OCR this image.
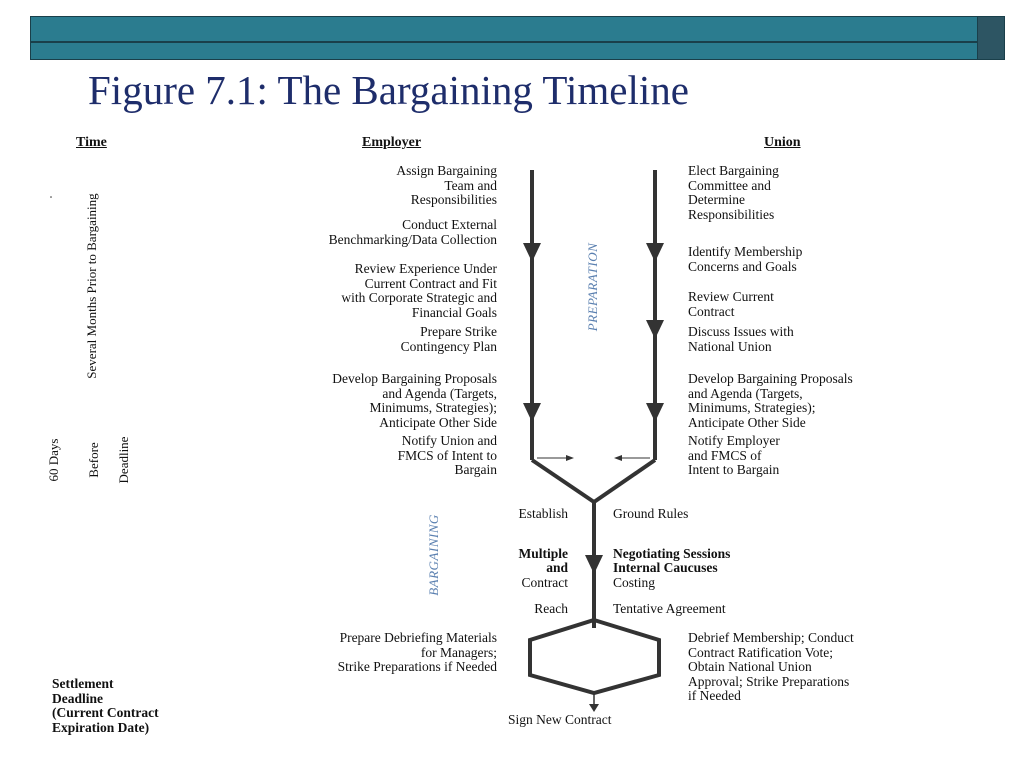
Figure 7.1: The Bargaining Timeline
Time	Employer	Union
Several Months Prior to Bargaining
60 Days Before Deadline
PREPARATION
BARGAINING
Assign Bargaining
Team and
Responsibilities
Conduct External
Benchmarking/Data Collection
Review Experience Under
Current Contract and Fit
with Corporate Strategic and
Financial Goals
Prepare Strike
Contingency Plan
Develop Bargaining Proposals
and Agenda (Targets,
Minimums, Strategies);
Anticipate Other Side
Notify Union and
FMCS of Intent to
Bargain
Elect Bargaining
Committee and
Determine
Responsibilities
Identify Membership
Concerns and Goals
Review Current
Contract
Discuss Issues with
National Union
Develop Bargaining Proposals
and Agenda (Targets,
Minimums, Strategies);
Anticipate Other Side
Notify Employer
and FMCS of
Intent to Bargain
Establish	Ground Rules
Multiple
and
Contract
Negotiating Sessions
Internal Caucuses
Costing
Reach	Tentative Agreement
Prepare Debriefing Materials
for Managers;
Strike Preparations if Needed
Debrief Membership; Conduct
Contract Ratification Vote;
Obtain National Union
Approval; Strike Preparations
if Needed
Settlement
Deadline
(Current Contract
Expiration Date)	Sign New Contract
